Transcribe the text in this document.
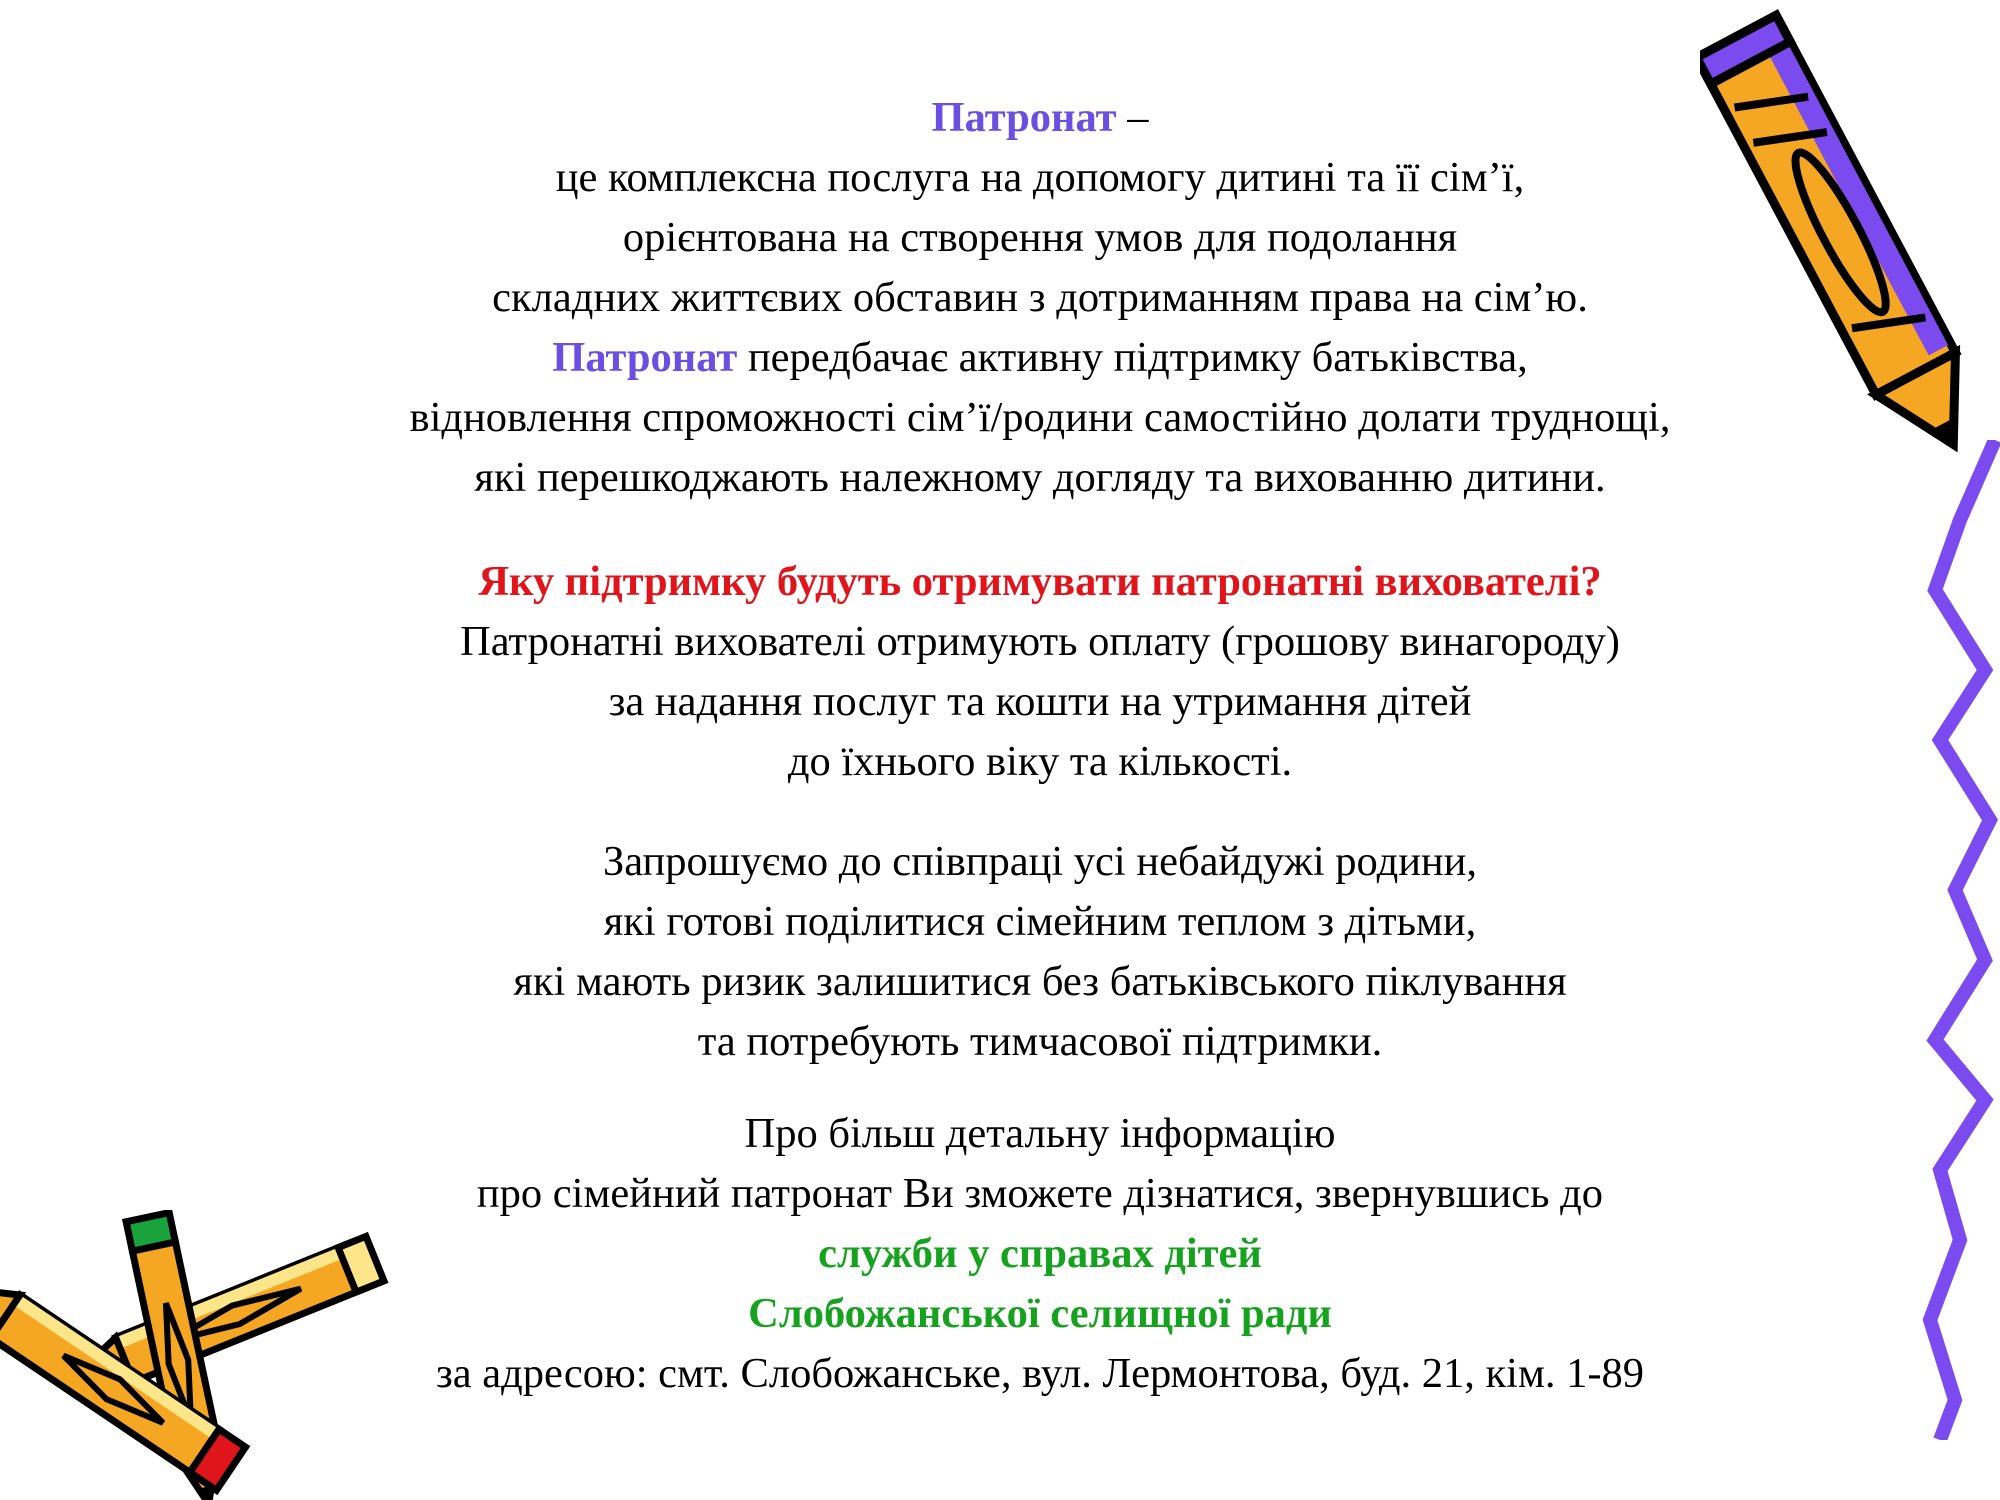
Патронат –
це комплексна послуга на допомогу дитині та її сім’ї,
орієнтована на створення умов для подолання
складних життєвих обставин з дотриманням права на сім’ю.
Патронат передбачає активну підтримку батьківства,
відновлення спроможності сім’ї/родини самостійно долати труднощі,
які перешкоджають належному догляду та вихованню дитини.
Яку підтримку будуть отримувати патронатні вихователі?
Патронатні вихователі отримують оплату (грошову винагороду)
за надання послуг та кошти на утримання дітей
до їхнього віку та кількості.
Запрошуємо до співпраці усі небайдужі родини,
які готові поділитися сімейним теплом з дітьми,
які мають ризик залишитися без батьківського піклування
та потребують тимчасової підтримки.
Про більш детальну інформацію
про сімейний патронат Ви зможете дізнатися, звернувшись до
служби у справах дітей
Слобожанської селищної ради
за адресою: смт. Слобожанське, вул. Лермонтова, буд. 21, кім. 1-89
